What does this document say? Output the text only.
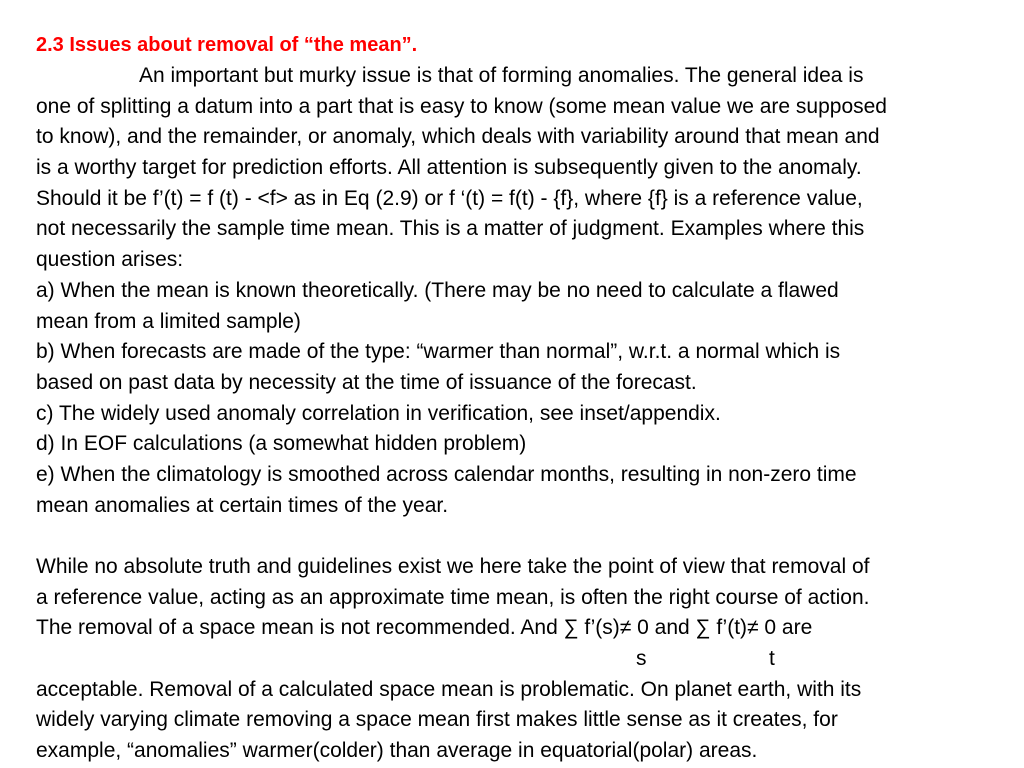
2.3 Issues about removal of “the mean”.
An important but murky issue is that of forming anomalies. The general idea is
one of splitting a datum into a part that is easy to know (some mean value we are supposed
to know), and the remainder, or anomaly, which deals with variability around that mean and
is a worthy target for prediction efforts. All attention is subsequently given to the anomaly.
Should it be f’(t) = f (t) - <f> as in Eq (2.9) or f ‘(t) = f(t) - {f}, where {f} is a reference value,
not necessarily the sample time mean. This is a matter of judgment. Examples where this
question arises:
a) When the mean is known theoretically. (There may be no need to calculate a flawed
mean from a limited sample)
b) When forecasts are made of the type: “warmer than normal”, w.r.t. a normal which is
based on past data by necessity at the time of issuance of the forecast.
c) The widely used anomaly correlation in verification, see inset/appendix.
d) In EOF calculations (a somewhat hidden problem)
e) When the climatology is smoothed across calendar months, resulting in non-zero time
mean anomalies at certain times of the year.
While no absolute truth and guidelines exist we here take the point of view that removal of
a reference value, acting as an approximate time mean, is often the right course of action.
The removal of a space mean is not recommended. And ∑ f’(s)≠ 0 and ∑ f’(t)≠ 0 are
s	t
acceptable. Removal of a calculated space mean is problematic. On planet earth, with its
widely varying climate removing a space mean first makes little sense as it creates, for
example, “anomalies” warmer(colder) than average in equatorial(polar) areas.
